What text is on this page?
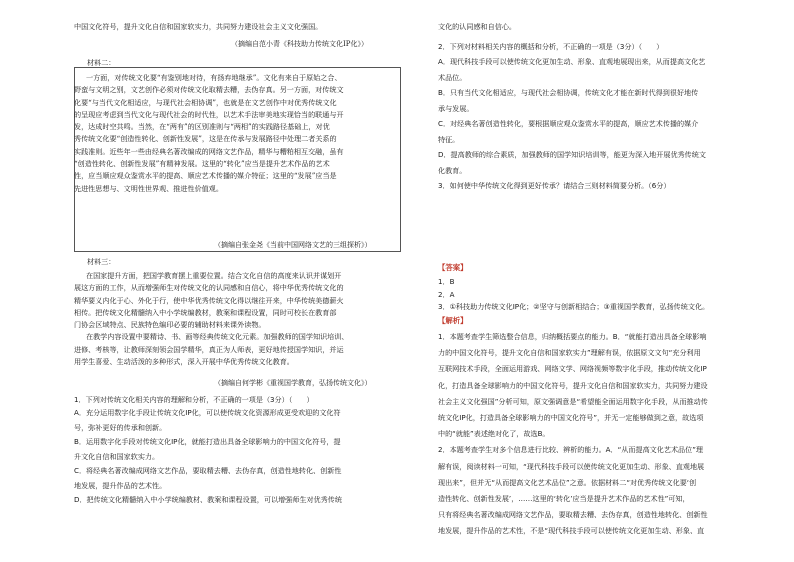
中国文化符号，提升文化自信和国家软实力，共同努力建设社会主义文化强国。

（摘编自范小青《科技助力传统文化IP化》）
材料二：

一方面，对传统文化要“有鉴别地对待，有扬弃地继承”。文化有来自于原始之合、

野蛮与文明之别，文艺创作必须对传统文化取精去糟，去伪存真。另一方面，对传统文

化要“与当代文化相适应，与现代社会相协调”，也就是在文艺创作中对优秀传统文化

的呈现应考虑到当代文化与现代社会的时代性，以艺术手法审美地实现恰当的联通与开

发，达成时空共鸣。当然，在“两有”的区别准则与“两相”的实践路径基础上，对优

秀传统文化要“创造性转化、创新性发展”，这是在传承与发展路径中处理二者关系的

实践准则。近些年一些由经典名著改编成的网络文艺作品，精华与糟粕相互交融，虽有

“创造性转化、创新性发展”有精神发展。这里的“转化”应当是提升艺术作品的艺术

性，应当顺应观众鉴赏水平的提高、顺应艺术传播的媒介特征；这里的“发展”应当是

先进性思想与、文明性世界观、推进性价值观。

（摘编自张金尧《当前中国网络文艺的三组探析》）
材料三：

在国家提升方面，把国学教育摆上重要位置。结合文化自信的高度来认识并谋划开

展这方面的工作，从而增强师生对传统文化的认同感和自信心，将中华优秀传统文化的

精华要义内化于心、外化于行，使中华优秀传统文化得以继往开来，中华传统美德薪火

相传。把传统文化精髓纳入中小学统编教材，教案和课程设置，同时可校长在教育部

门协会区域特点、民族特色编印必要的辅助材料来课外读物。

在教学内容设置中要精诗、书、画等经典传统文化元素。加强教师的国学知识培训、

进修、考核等，让教师深刻领会国学精华，真正为人师表，更好地传授国学知识，并运

用学生喜爱、生动活泼的多种形式，深入开展中华优秀传统文化教育。

（摘编自何学彬《重视国学教育，弘扬传统文化》）

1．下列对传统文化相关内容的理解和分析，不正确的一项是（3分）（　　）

A．充分运用数字化手段让传统文化IP化，可以使传统文化资源形成更受欢迎的文化符

号，弥补更好的传承和创新。

B．运用数字化手段对传统文化IP化，就能打造出具备全球影响力的中国文化符号，提

升文化自信和国家软实力。

C．将经典名著改编成网络文艺作品，要取精去糟、去伪存真，创造性地转化、创新性

地发展，提升作品的艺术性。

D．把传统文化精髓纳入中小学统编教材、教案和课程设置，可以增强师生对优秀传统

文化的认同感和自信心。

2．下列对材料相关内容的概括和分析，不正确的一项是（3分）（　　）

A．现代科技手段可以使传统文化更加生动、形象、直观地展现出来，从而提高文化艺

术品位。

B．只有当代文化相适应，与现代社会相协调，传统文化才能在新时代得到很好地传

承与发展。

C．对经典名著创造性转化，要根据顺应观众鉴赏水平的提高，顺应艺术传播的媒介

特征。

D．提高教师的综合素质，加强教师的国学知识培训等，能更为深入地开展优秀传统文

化教育。

3．如何使中华传统文化得到更好传承？请结合三则材料简要分析。（6分）

【答案】

1．B

2．A

3．①科技助力传统文化IP化；②坚守与创新相结合；③重视国学教育，弘扬传统文化。

【解析】

1．本题考查学生筛选整合信息，归纳概括要点的能力。B．“就能打造出具备全球影响

力的中国文化符号，提升文化自信和国家软实力”理解有误，依据原文文句“充分利用

互联网技术手段，全面运用游戏、网络文学、网络视频等数字化手段，推动传统文化IP

化，打造具备全球影响力的中国文化符号，提升文化自信和国家软实力，共同努力建设

社会主义文化强国”分析可知，原文强调意是“希望能全面运用数字化手段，从而推动传

统文化IP化，打造具备全球影响力的中国文化符号”，并无一定能够做到之意，故选项

中的“就能”表述绝对化了，故选B。

2．本题考查学生对多个信息进行比较、辨析的能力。A．“从而提高文化艺术品位”理

解有误，阅读材料一可知，“现代科技手段可以使传统文化更加生动、形象、直观地展

现出来”，但并无“从而提高文化艺术品位”之意。依据材料二“对优秀传统文化要‘创

造性转化、创新性发展’，……这里的‘转化’应当是提升艺术作品的艺术性”可知，

只有将经典名著改编成网络文艺作品，要取精去糟、去伪存真，创造性地转化、创新性

地发展，提升作品的艺术性，不是“现代科技手段可以使传统文化更加生动、形象、直
